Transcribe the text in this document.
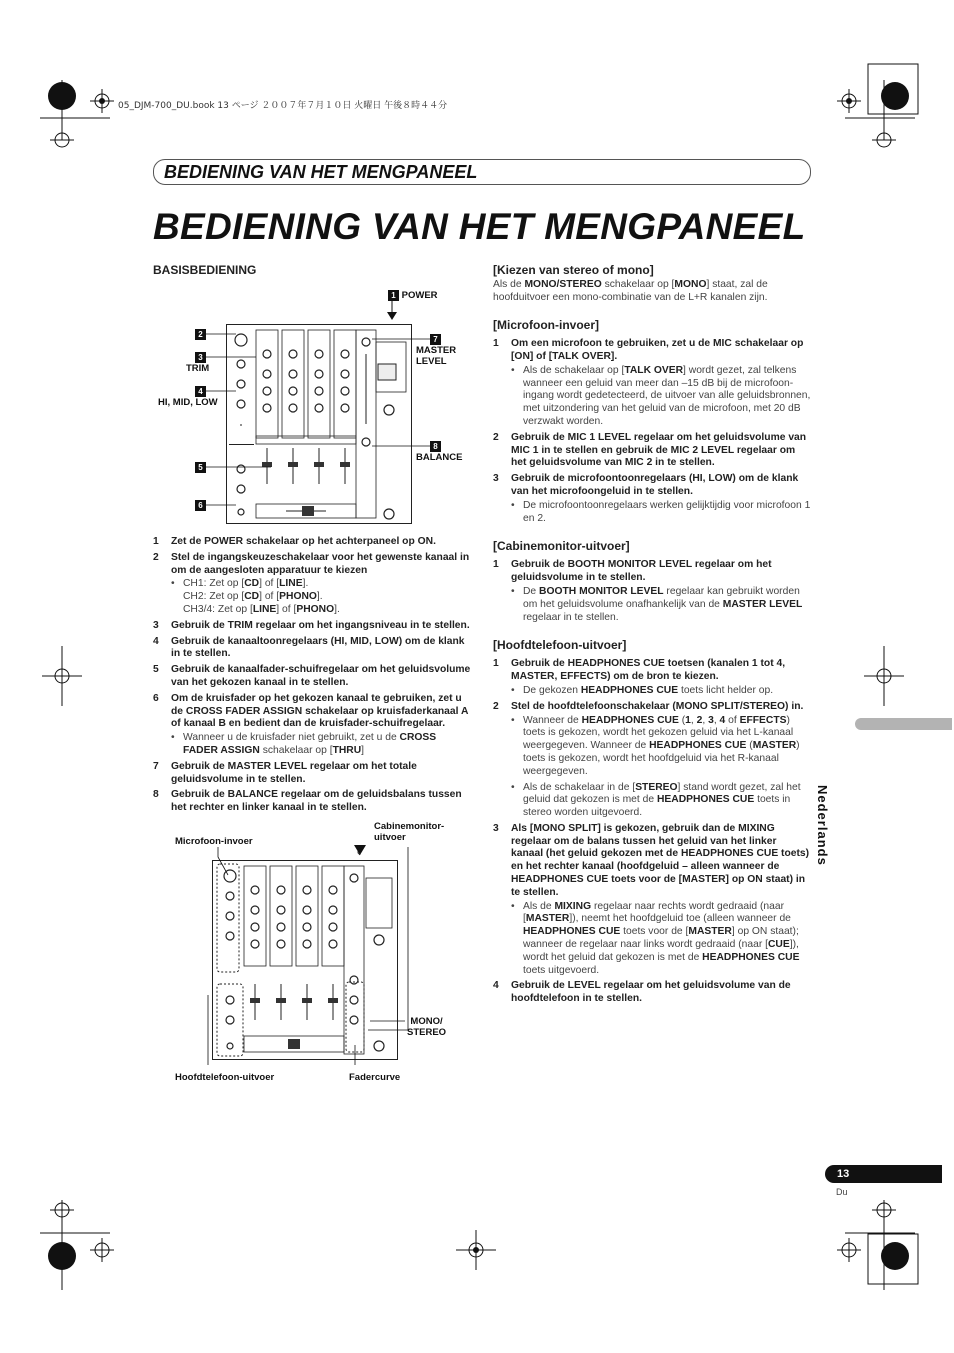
05_DJM-700_DU.book 13 ページ ２００７年７月１０日 火曜日 午後８時４４分
BEDIENING VAN HET MENGPANEEL
BEDIENING VAN HET MENGPANEEL
BASISBEDIENING
1 POWER
2
3
TRIM
4
HI, MID, LOW
5
6
7
MASTER
LEVEL
8
BALANCE
1 Zet de POWER schakelaar op het achterpaneel op ON.
2 Stel de ingangskeuzeschakelaar voor het gewenste kanaal in om de aangesloten apparatuur te kiezen
• CH1: Zet op [CD] of [LINE].
CH2: Zet op [CD] of [PHONO].
CH3/4: Zet op [LINE] of [PHONO].
3 Gebruik de TRIM regelaar om het ingangsniveau in te stellen.
4 Gebruik de kanaaltoonregelaars (HI, MID, LOW) om de klank in te stellen.
5 Gebruik de kanaalfader-schuifregelaar om het geluidsvolume van het gekozen kanaal in te stellen.
6 Om de kruisfader op het gekozen kanaal te gebruiken, zet u de CROSS FADER ASSIGN schakelaar op kruisfaderkanaal A of kanaal B en bedient dan de kruisfader-schuifregelaar.
• Wanneer u de kruisfader niet gebruikt, zet u de CROSS FADER ASSIGN schakelaar op [THRU]
7 Gebruik de MASTER LEVEL regelaar om het totale geluidsvolume in te stellen.
8 Gebruik de BALANCE regelaar om de geluidsbalans tussen het rechter en linker kanaal in te stellen.
Microfoon-invoer
Cabinemonitor-
uitvoer
MONO/
STEREO
Hoofdtelefoon-uitvoer	Fadercurve
[Kiezen van stereo of mono]
Als de MONO/STEREO schakelaar op [MONO] staat, zal de hoofduitvoer een mono-combinatie van de L+R kanalen zijn.
[Microfoon-invoer]
1 Om een microfoon te gebruiken, zet u de MIC schakelaar op [ON] of [TALK OVER].
• Als de schakelaar op [TALK OVER] wordt gezet, zal telkens wanneer een geluid van meer dan –15 dB bij de microfoon-ingang wordt gedetecteerd, de uitvoer van alle geluidsbronnen, met uitzondering van het geluid van de microfoon, met 20 dB verzwakt worden.
2 Gebruik de MIC 1 LEVEL regelaar om het geluidsvolume van MIC 1 in te stellen en gebruik de MIC 2 LEVEL regelaar om het geluidsvolume van MIC 2 in te stellen.
3 Gebruik de microfoontoonregelaars (HI, LOW) om de klank van het microfoongeluid in te stellen.
• De microfoontoonregelaars werken gelijktijdig voor microfoon 1 en 2.
[Cabinemonitor-uitvoer]
1 Gebruik de BOOTH MONITOR LEVEL regelaar om het geluidsvolume in te stellen.
• De BOOTH MONITOR LEVEL regelaar kan gebruikt worden om het geluidsvolume onafhankelijk van de MASTER LEVEL regelaar in te stellen.
[Hoofdtelefoon-uitvoer]
1 Gebruik de HEADPHONES CUE toetsen (kanalen 1 tot 4, MASTER, EFFECTS) om de bron te kiezen.
• De gekozen HEADPHONES CUE toets licht helder op.
2 Stel de hoofdtelefoonschakelaar (MONO SPLIT/STEREO) in.
• Wanneer de HEADPHONES CUE (1, 2, 3, 4 of EFFECTS) toets is gekozen, wordt het gekozen geluid via het L-kanaal weergegeven. Wanneer de HEADPHONES CUE (MASTER) toets is gekozen, wordt het hoofdgeluid via het R-kanaal weergegeven.
• Als de schakelaar in de [STEREO] stand wordt gezet, zal het geluid dat gekozen is met de HEADPHONES CUE toets in stereo worden uitgevoerd.
3 Als [MONO SPLIT] is gekozen, gebruik dan de MIXING regelaar om de balans tussen het geluid van het linker kanaal (het geluid gekozen met de HEADPHONES CUE toets) en het rechter kanaal (hoofdgeluid – alleen wanneer de HEADPHONES CUE toets voor de [MASTER] op ON staat) in te stellen.
• Als de MIXING regelaar naar rechts wordt gedraaid (naar [MASTER]), neemt het hoofdgeluid toe (alleen wanneer de HEADPHONES CUE toets voor de [MASTER] op ON staat); wanneer de regelaar naar links wordt gedraaid (naar [CUE]), wordt het geluid dat gekozen is met de HEADPHONES CUE toets uitgevoerd.
4 Gebruik de LEVEL regelaar om het geluidsvolume van de hoofdtelefoon in te stellen.
Nederlands
13
Du
